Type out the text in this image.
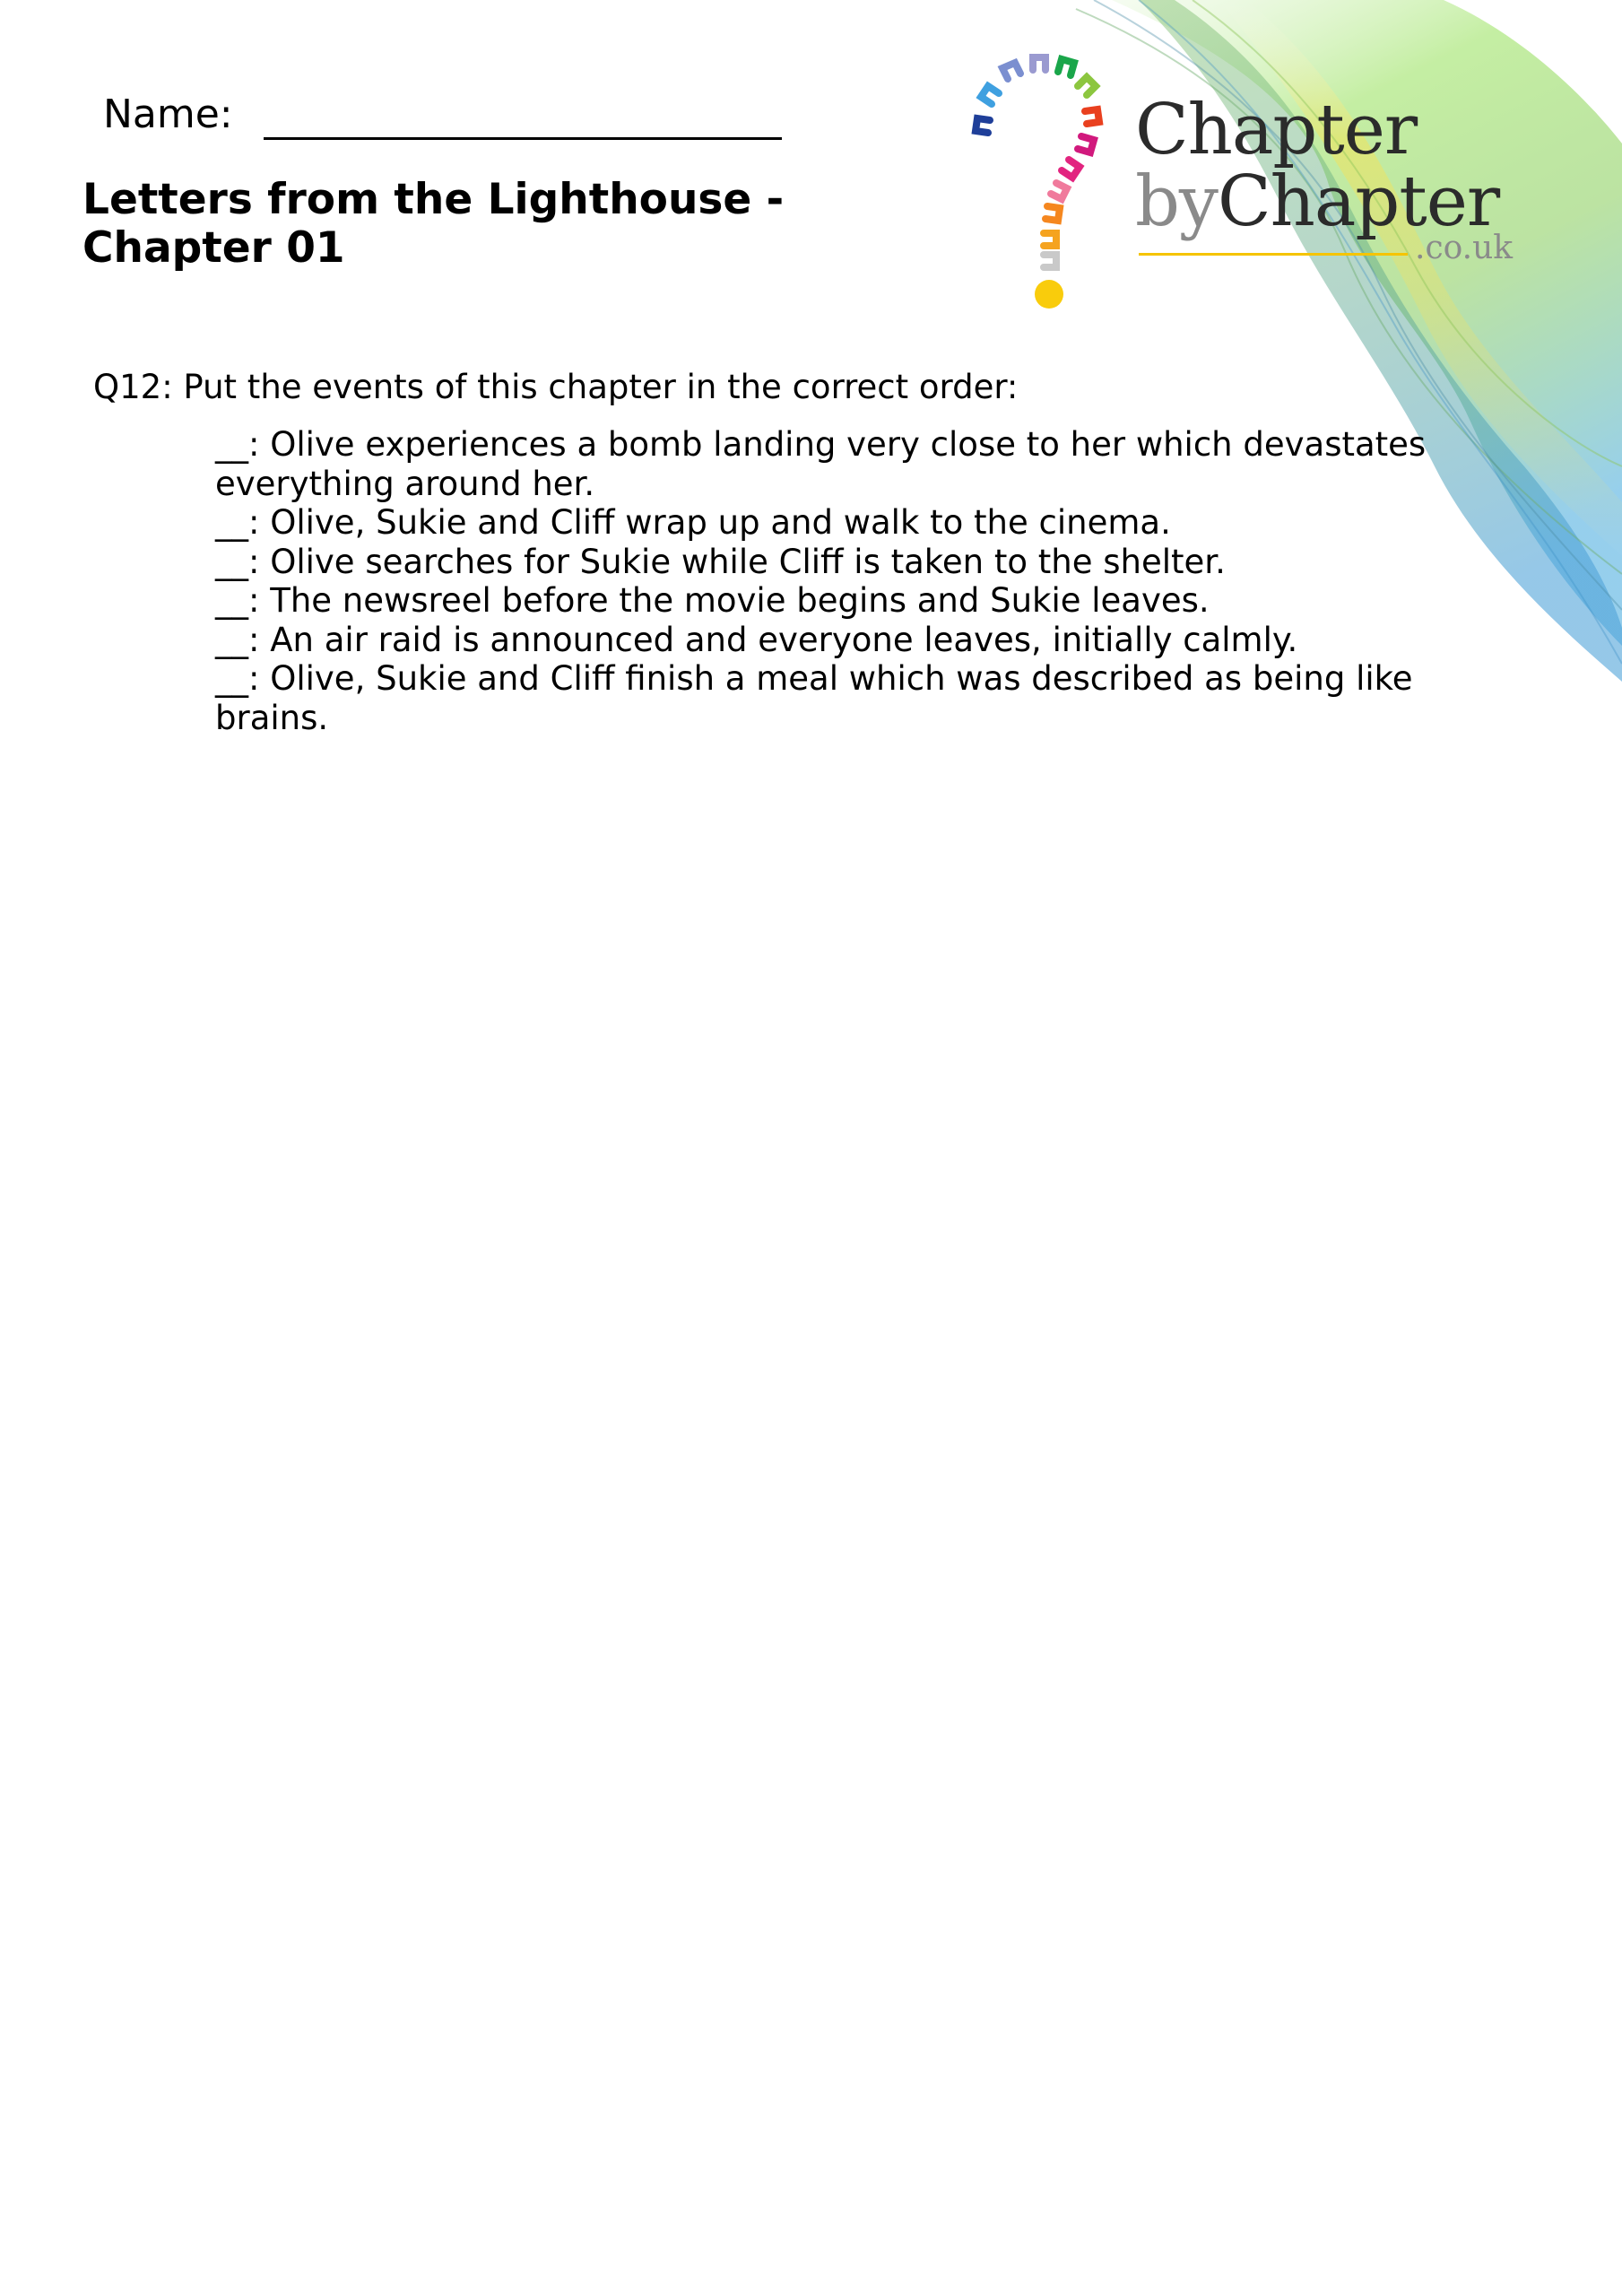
Name:
Letters from the Lighthouse -
Chapter 01
Chapter
byChapter
.co.uk
Q12: Put the events of this chapter in the correct order:
__: Olive experiences a bomb landing very close to her which devastates everything around her.
__: Olive, Sukie and Cliff wrap up and walk to the cinema.
__: Olive searches for Sukie while Cliff is taken to the shelter.
__: The newsreel before the movie begins and Sukie leaves.
__: An air raid is announced and everyone leaves, initially calmly.
__: Olive, Sukie and Cliff finish a meal which was described as being like brains.
